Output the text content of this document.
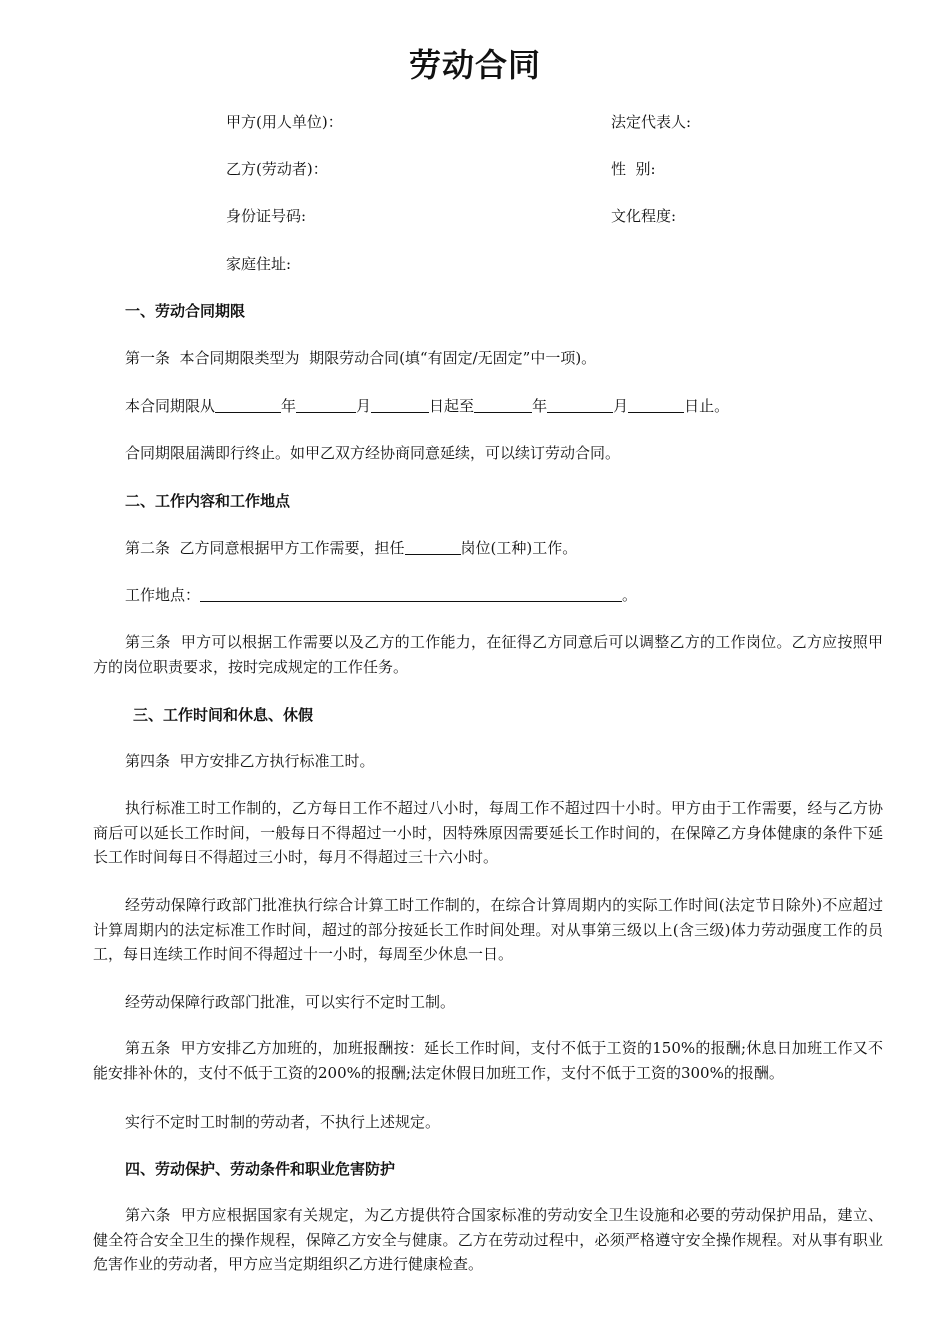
劳动合同
甲方(用人单位)：	法定代表人:
乙方(劳动者)：	性  别:
身份证号码:	文化程度:
家庭住址:
一、劳动合同期限
第一条  本合同期限类型为  期限劳动合同(填“有固定/无固定”中一项)。
本合同期限从	年	月	日起至	年	月	日止。
合同期限届满即行终止。如甲乙双方经协商同意延续，可以续订劳动合同。
二、工作内容和工作地点
第二条  乙方同意根据甲方工作需要，担任	岗位(工种)工作。
工作地点：	。
第三条  甲方可以根据工作需要以及乙方的工作能力，在征得乙方同意后可以调整乙方的工作岗位。乙方应按照甲方的岗位职责要求，按时完成规定的工作任务。
三、工作时间和休息、休假
第四条  甲方安排乙方执行标准工时。
执行标准工时工作制的，乙方每日工作不超过八小时，每周工作不超过四十小时。甲方由于工作需要，经与乙方协商后可以延长工作时间，一般每日不得超过一小时，因特殊原因需要延长工作时间的，在保障乙方身体健康的条件下延长工作时间每日不得超过三小时，每月不得超过三十六小时。
经劳动保障行政部门批准执行综合计算工时工作制的，在综合计算周期内的实际工作时间(法定节日除外)不应超过计算周期内的法定标准工作时间，超过的部分按延长工作时间处理。对从事第三级以上(含三级)体力劳动强度工作的员工，每日连续工作时间不得超过十一小时，每周至少休息一日。
经劳动保障行政部门批准，可以实行不定时工制。
第五条  甲方安排乙方加班的，加班报酬按：延长工作时间，支付不低于工资的150%的报酬;休息日加班工作又不能安排补休的，支付不低于工资的200%的报酬;法定休假日加班工作，支付不低于工资的300%的报酬。
实行不定时工时制的劳动者，不执行上述规定。
四、劳动保护、劳动条件和职业危害防护
第六条  甲方应根据国家有关规定，为乙方提供符合国家标准的劳动安全卫生设施和必要的劳动保护用品，建立、健全符合安全卫生的操作规程，保障乙方安全与健康。乙方在劳动过程中，必须严格遵守安全操作规程。对从事有职业危害作业的劳动者，甲方应当定期组织乙方进行健康检查。
